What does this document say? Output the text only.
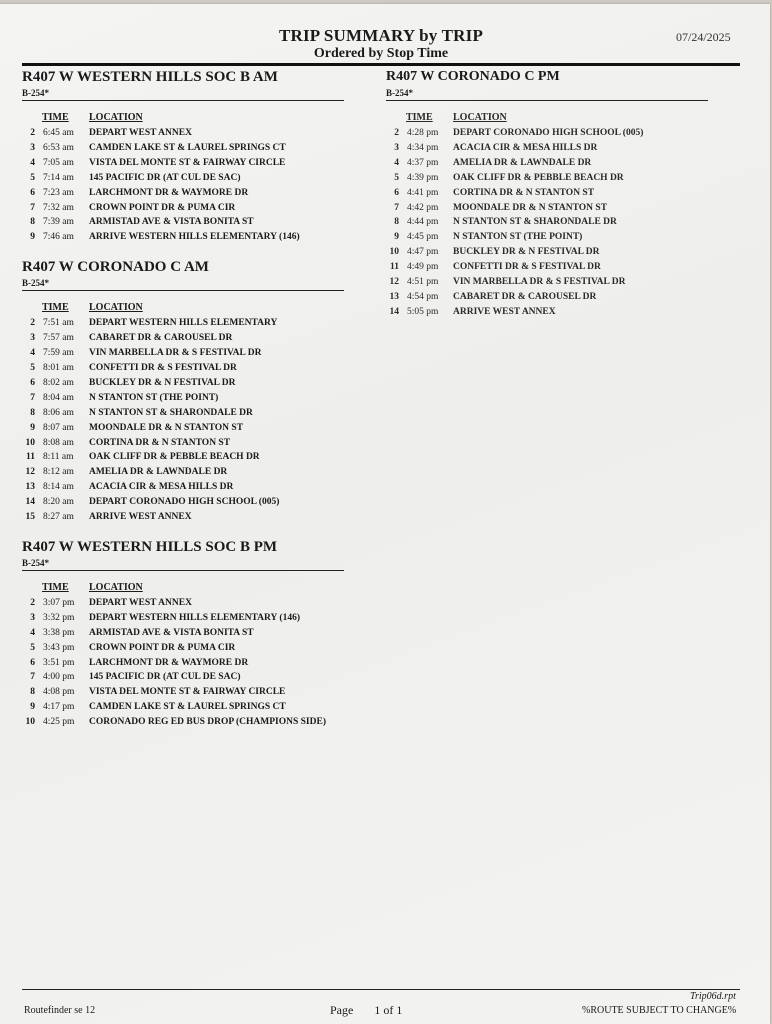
TRIP SUMMARY by TRIP
Ordered by Stop Time
07/24/2025
R407 W WESTERN HILLS SOC B AM
B-254*
TIME	LOCATION
2 6:45 am	DEPART WEST ANNEX
3 6:53 am	CAMDEN LAKE ST & LAUREL SPRINGS CT
4 7:05 am	VISTA DEL MONTE ST & FAIRWAY CIRCLE
5 7:14 am	145 PACIFIC DR (AT CUL DE SAC)
6 7:23 am	LARCHMONT DR & WAYMORE DR
7 7:32 am	CROWN POINT DR & PUMA CIR
8 7:39 am	ARMISTAD AVE & VISTA BONITA ST
9 7:46 am	ARRIVE WESTERN HILLS ELEMENTARY (146)
R407 W CORONADO C AM
B-254*
TIME	LOCATION
2 7:51 am	DEPART WESTERN HILLS ELEMENTARY
3 7:57 am	CABARET DR & CAROUSEL DR
4 7:59 am	VIN MARBELLA DR & S FESTIVAL DR
5 8:01 am	CONFETTI DR & S FESTIVAL DR
6 8:02 am	BUCKLEY DR & N FESTIVAL DR
7 8:04 am	N STANTON ST (THE POINT)
8 8:06 am	N STANTON ST & SHARONDALE DR
9 8:07 am	MOONDALE DR & N STANTON ST
10 8:08 am	CORTINA DR & N STANTON ST
11 8:11 am	OAK CLIFF DR & PEBBLE BEACH DR
12 8:12 am	AMELIA DR & LAWNDALE DR
13 8:14 am	ACACIA CIR & MESA HILLS DR
14 8:20 am	DEPART CORONADO HIGH SCHOOL (005)
15 8:27 am	ARRIVE WEST ANNEX
R407 W WESTERN HILLS SOC B PM
B-254*
TIME	LOCATION
2 3:07 pm	DEPART WEST ANNEX
3 3:32 pm	DEPART WESTERN HILLS ELEMENTARY (146)
4 3:38 pm	ARMISTAD AVE & VISTA BONITA ST
5 3:43 pm	CROWN POINT DR & PUMA CIR
6 3:51 pm	LARCHMONT DR & WAYMORE DR
7 4:00 pm	145 PACIFIC DR (AT CUL DE SAC)
8 4:08 pm	VISTA DEL MONTE ST & FAIRWAY CIRCLE
9 4:17 pm	CAMDEN LAKE ST & LAUREL SPRINGS CT
10 4:25 pm	CORONADO REG ED BUS DROP (CHAMPIONS SIDE)
R407 W CORONADO C PM
B-254*
TIME	LOCATION
2 4:28 pm	DEPART CORONADO HIGH SCHOOL (005)
3 4:34 pm	ACACIA CIR & MESA HILLS DR
4 4:37 pm	AMELIA DR & LAWNDALE DR
5 4:39 pm	OAK CLIFF DR & PEBBLE BEACH DR
6 4:41 pm	CORTINA DR & N STANTON ST
7 4:42 pm	MOONDALE DR & N STANTON ST
8 4:44 pm	N STANTON ST & SHARONDALE DR
9 4:45 pm	N STANTON ST (THE POINT)
10 4:47 pm	BUCKLEY DR & N FESTIVAL DR
11 4:49 pm	CONFETTI DR & S FESTIVAL DR
12 4:51 pm	VIN MARBELLA DR & S FESTIVAL DR
13 4:54 pm	CABARET DR & CAROUSEL DR
14 5:05 pm	ARRIVE WEST ANNEX
Trip06d.rpt
Routefinder se 12	Page 1 of 1	%ROUTE SUBJECT TO CHANGE%
